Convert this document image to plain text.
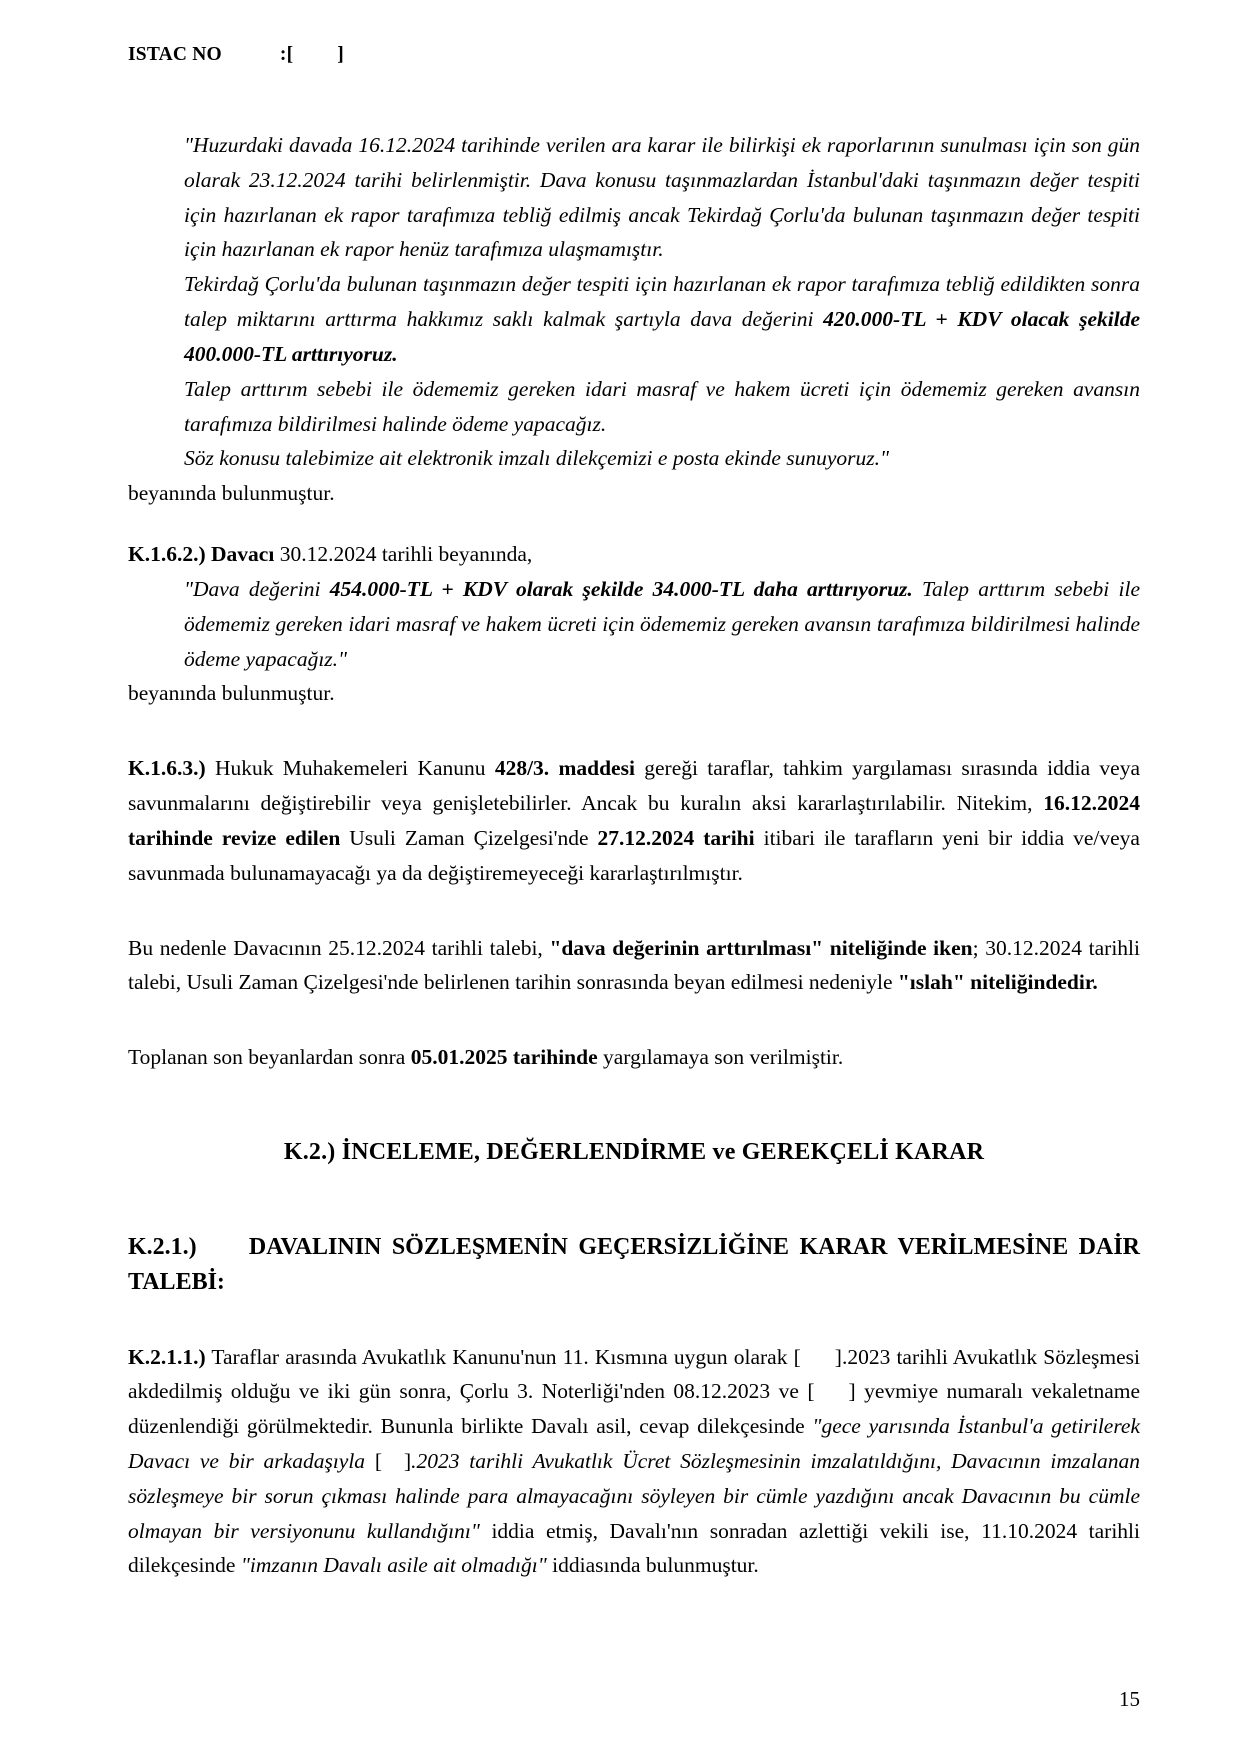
ISTAC NO	: [ ]

"Huzurdaki davada 16.12.2024 tarihinde verilen ara karar ile bilirkişi ek raporlarının sunulması için son gün olarak 23.12.2024 tarihi belirlenmiştir. Dava konusu taşınmazlardan İstanbul'daki taşınmazın değer tespiti için hazırlanan ek rapor tarafımıza tebliğ edilmiş ancak Tekirdağ Çorlu'da bulunan taşınmazın değer tespiti için hazırlanan ek rapor henüz tarafımıza ulaşmamıştır.

Tekirdağ Çorlu'da bulunan taşınmazın değer tespiti için hazırlanan ek rapor tarafımıza tebliğ edildikten sonra talep miktarını arttırma hakkımız saklı kalmak şartıyla dava değerini 420.000-TL + KDV olacak şekilde 400.000-TL arttırıyoruz.

Talep arttırım sebebi ile ödememiz gereken idari masraf ve hakem ücreti için ödememiz gereken avansın tarafımıza bildirilmesi halinde ödeme yapacağız.

Söz konusu talebimize ait elektronik imzalı dilekçemizi e posta ekinde sunuyoruz."

beyanında bulunmuştur.

K.1.6.2.) Davacı 30.12.2024 tarihli beyanında,

"Dava değerini 454.000-TL + KDV olarak şekilde 34.000-TL daha arttırıyoruz. Talep arttırım sebebi ile ödememiz gereken idari masraf ve hakem ücreti için ödememiz gereken avansın tarafımıza bildirilmesi halinde ödeme yapacağız."

beyanında bulunmuştur.

K.1.6.3.) Hukuk Muhakemeleri Kanunu 428/3. maddesi gereği taraflar, tahkim yargılaması sırasında iddia veya savunmalarını değiştirebilir veya genişletebilirler. Ancak bu kuralın aksi kararlaştırılabilir. Nitekim, 16.12.2024 tarihinde revize edilen Usuli Zaman Çizelgesi'nde 27.12.2024 tarihi itibari ile tarafların yeni bir iddia ve/veya savunmada bulunamayacağı ya da değiştiremeyeceği kararlaştırılmıştır.

Bu nedenle Davacının 25.12.2024 tarihli talebi, "dava değerinin arttırılması" niteliğinde iken; 30.12.2024 tarihli talebi, Usuli Zaman Çizelgesi'nde belirlenen tarihin sonrasında beyan edilmesi nedeniyle "ıslah" niteliğindedir.

Toplanan son beyanlardan sonra 05.01.2025 tarihinde yargılamaya son verilmiştir.

K.2.) İNCELEME, DEĞERLENDİRME ve GEREKÇELİ KARAR

K.2.1.) DAVALININ SÖZLEŞMENİN GEÇERSİZLİĞİNE KARAR VERİLMESİNE DAİR TALEBİ:

K.2.1.1.) Taraflar arasında Avukatlık Kanunu'nun 11. Kısmına uygun olarak [ ].2023 tarihli Avukatlık Sözleşmesi akdedilmiş olduğu ve iki gün sonra, Çorlu 3. Noterliği'nden 08.12.2023 ve [ ] yevmiye numaralı vekaletname düzenlendiği görülmektedir. Bununla birlikte Davalı asil, cevap dilekçesinde "gece yarısında İstanbul'a getirilerek Davacı ve bir arkadaşıyla [ ].2023 tarihli Avukatlık Ücret Sözleşmesinin imzalatıldığını, Davacının imzalanan sözleşmeye bir sorun çıkması halinde para almayacağını söyleyen bir cümle yazdığını ancak Davacının bu cümle olmayan bir versiyonunu kullandığını" iddia etmiş, Davalı'nın sonradan azlettiği vekili ise, 11.10.2024 tarihli dilekçesinde "imzanın Davalı asile ait olmadığı" iddiasında bulunmuştur.

15
